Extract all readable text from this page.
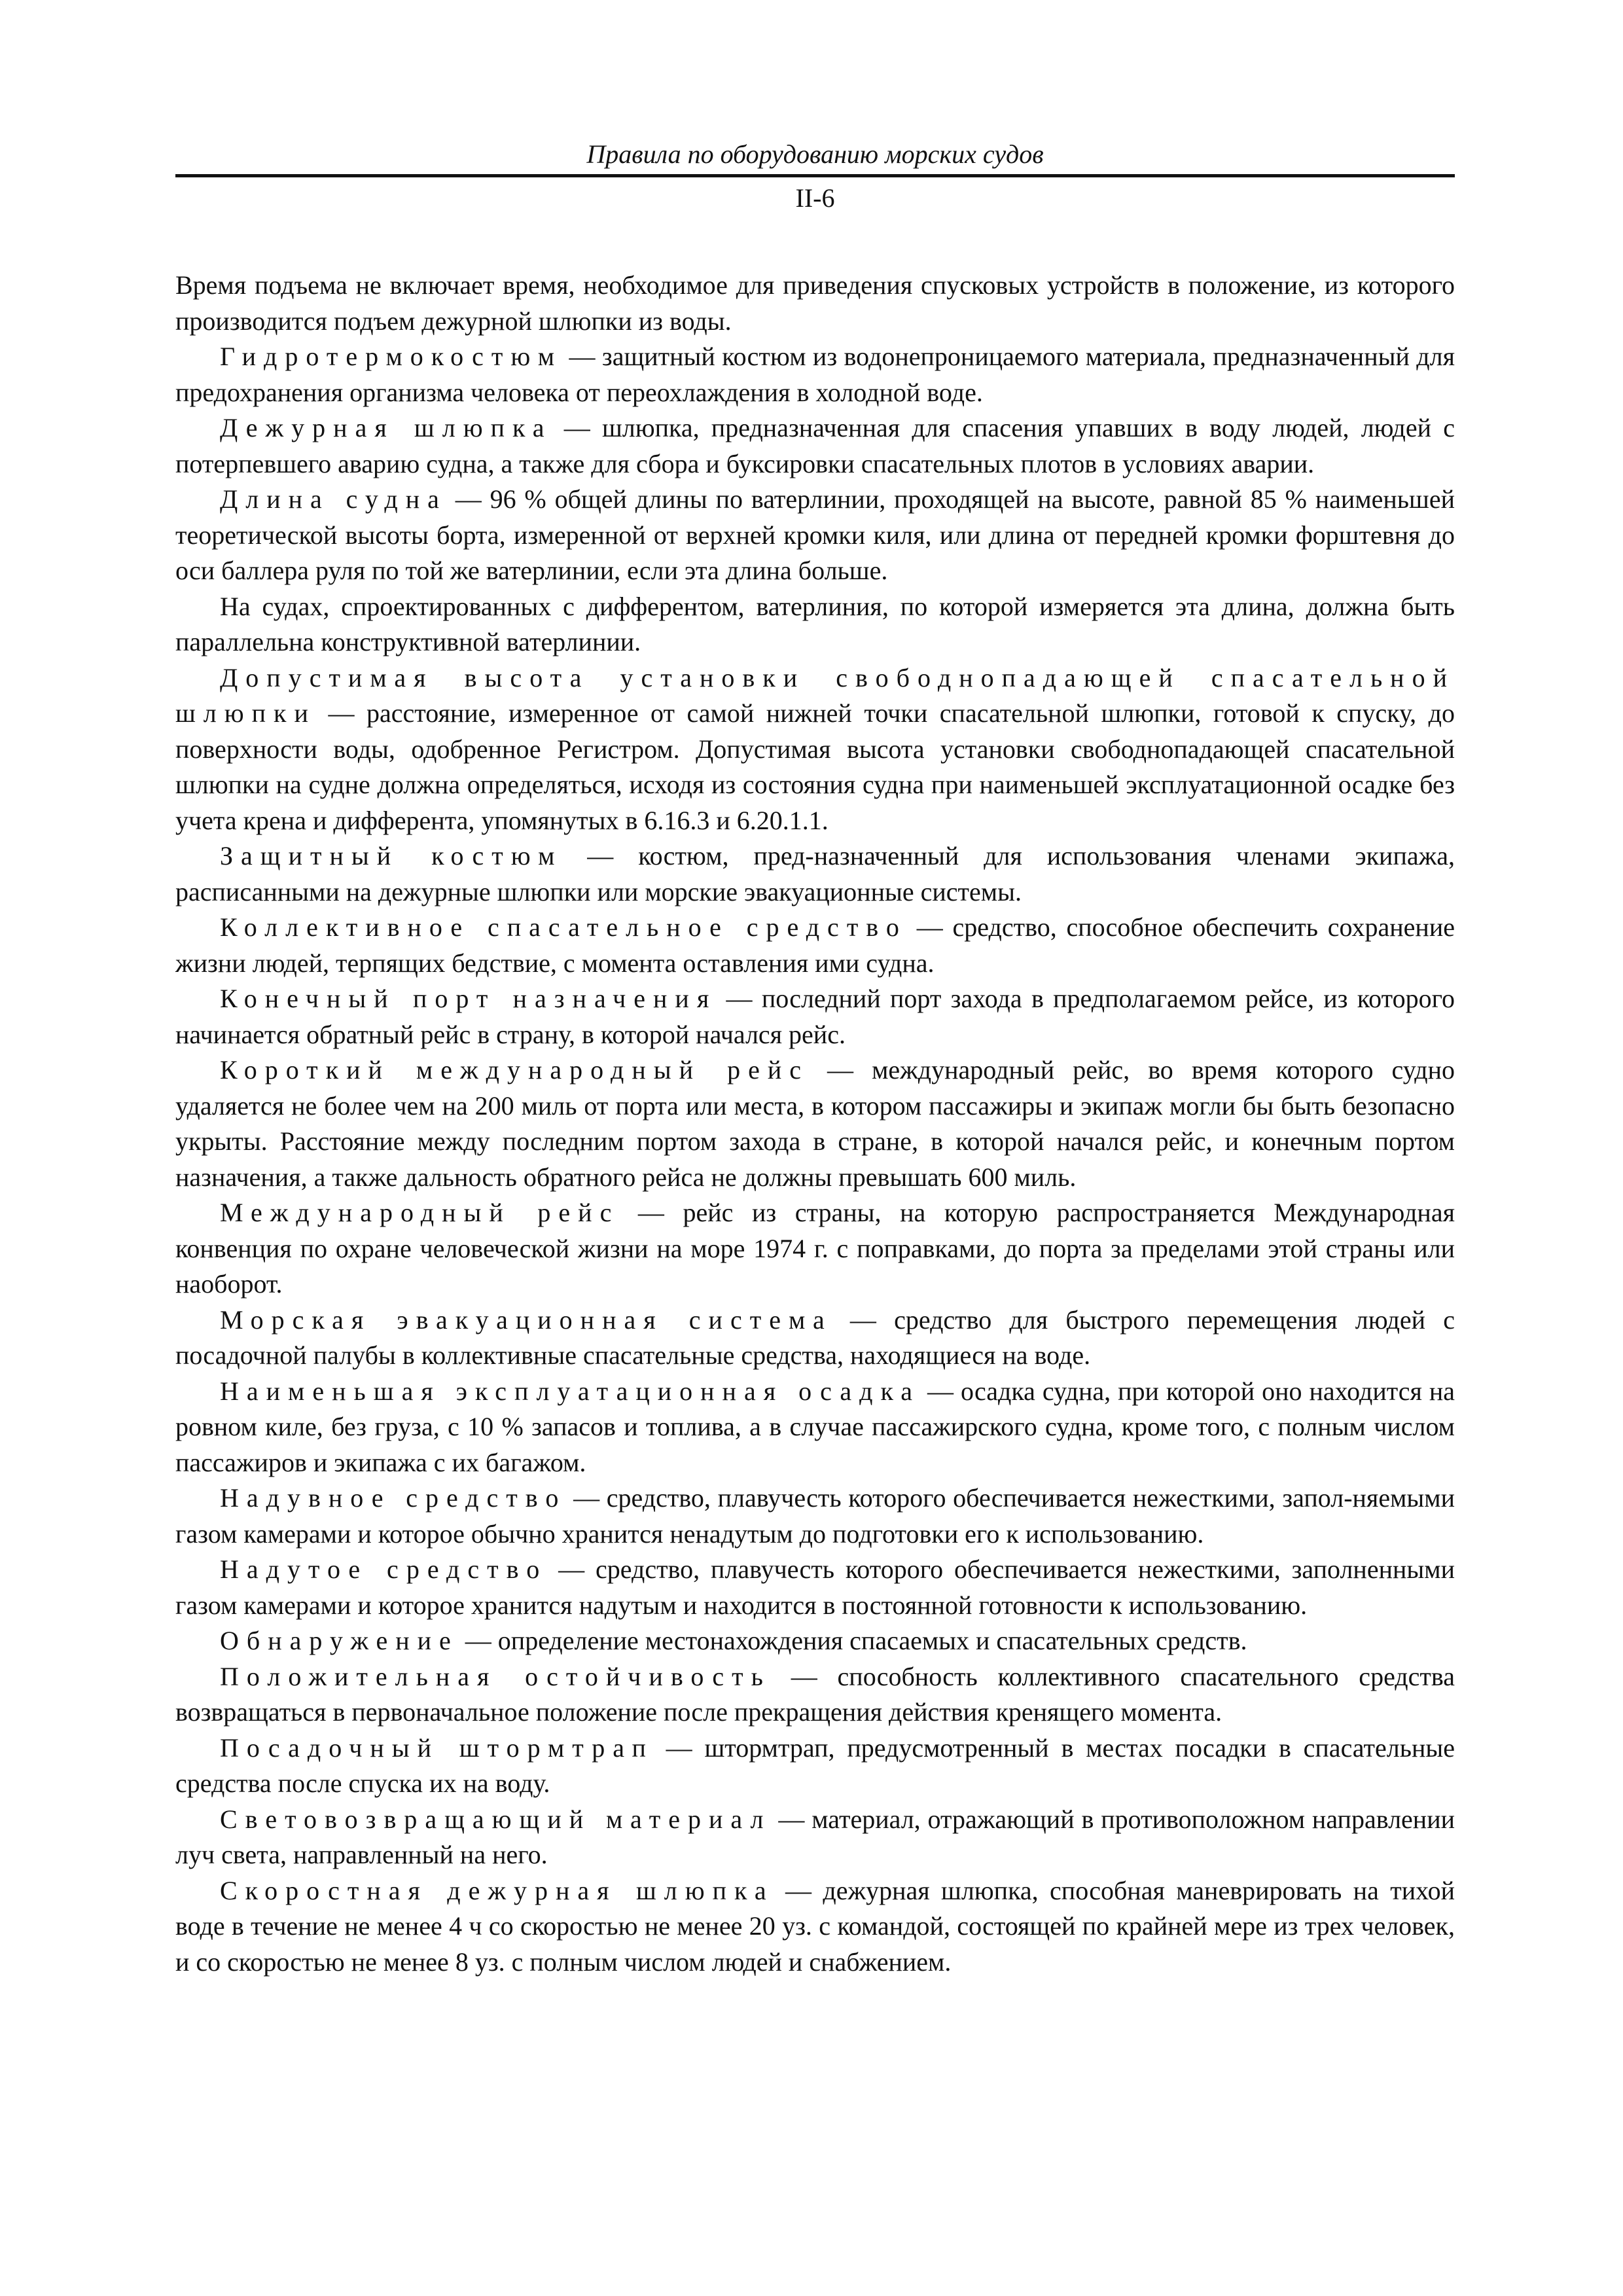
Правила по оборудованию морских судов
II-6

Время подъема не включает время, необходимое для приведения спусковых устройств в положение, из которого производится подъем дежурной шлюпки из воды.

Гидротермокостюм — защитный костюм из водонепроницаемого материала, предназначенный для предохранения организма человека от переохлаждения в холодной воде.

Дежурная шлюпка — шлюпка, предназначенная для спасения упавших в воду людей, людей с потерпевшего аварию судна, а также для сбора и буксировки спасательных плотов в условиях аварии.

Длина судна — 96 % общей длины по ватерлинии, проходящей на высоте, равной 85 % наименьшей теоретической высоты борта, измеренной от верхней кромки киля, или длина от передней кромки форштевня до оси баллера руля по той же ватерлинии, если эта длина больше.

На судах, спроектированных с дифферентом, ватерлиния, по которой измеряется эта длина, должна быть параллельна конструктивной ватерлинии.

Допустимая высота установки свободнопадающей спасательной шлюпки — расстояние, измеренное от самой нижней точки спасательной шлюпки, готовой к спуску, до поверхности воды, одобренное Регистром. Допустимая высота установки свободнопадающей спасательной шлюпки на судне должна определяться, исходя из состояния судна при наименьшей эксплуатационной осадке без учета крена и дифферента, упомянутых в 6.16.3 и 6.20.1.1.

Защитный костюм — костюм, пред-назначенный для использования членами экипажа, расписанными на дежурные шлюпки или морские эвакуационные системы.

Коллективное спасательное средство — средство, способное обеспечить сохранение жизни людей, терпящих бедствие, с момента оставления ими судна.

Конечный порт назначения — последний порт захода в предполагаемом рейсе, из которого начинается обратный рейс в страну, в которой начался рейс.

Короткий международный рейс — международный рейс, во время которого судно удаляется не более чем на 200 миль от порта или места, в котором пассажиры и экипаж могли бы быть безопасно укрыты. Расстояние между последним портом захода в стране, в которой начался рейс, и конечным портом назначения, а также дальность обратного рейса не должны превышать 600 миль.

Международный рейс — рейс из страны, на которую распространяется Международная конвенция по охране человеческой жизни на море 1974 г. с поправками, до порта за пределами этой страны или наоборот.

Морская эвакуационная система — средство для быстрого перемещения людей с посадочной палубы в коллективные спасательные средства, находящиеся на воде.

Наименьшая эксплуатационная осадка — осадка судна, при которой оно находится на ровном киле, без груза, с 10 % запасов и топлива, а в случае пассажирского судна, кроме того, с полным числом пассажиров и экипажа с их багажом.

Надувное средство — средство, плавучесть которого обеспечивается нежесткими, запол-няемыми газом камерами и которое обычно хранится ненадутым до подготовки его к использованию.

Надутое средство — средство, плавучесть которого обеспечивается нежесткими, заполненными газом камерами и которое хранится надутым и находится в постоянной готовности к использованию.

Обнаружение — определение местонахождения спасаемых и спасательных средств.

Положительная остойчивость — способность коллективного спасательного средства возвращаться в первоначальное положение после прекращения действия кренящего момента.

Посадочный штормтрап — штормтрап, предусмотренный в местах посадки в спасательные средства после спуска их на воду.

Световозвращающий материал — материал, отражающий в противоположном направлении луч света, направленный на него.

Скоростная дежурная шлюпка — дежурная шлюпка, способная маневрировать на тихой воде в течение не менее 4 ч со скоростью не менее 20 уз. с командой, состоящей по крайней мере из трех человек, и со скоростью не менее 8 уз. с полным числом людей и снабжением.
